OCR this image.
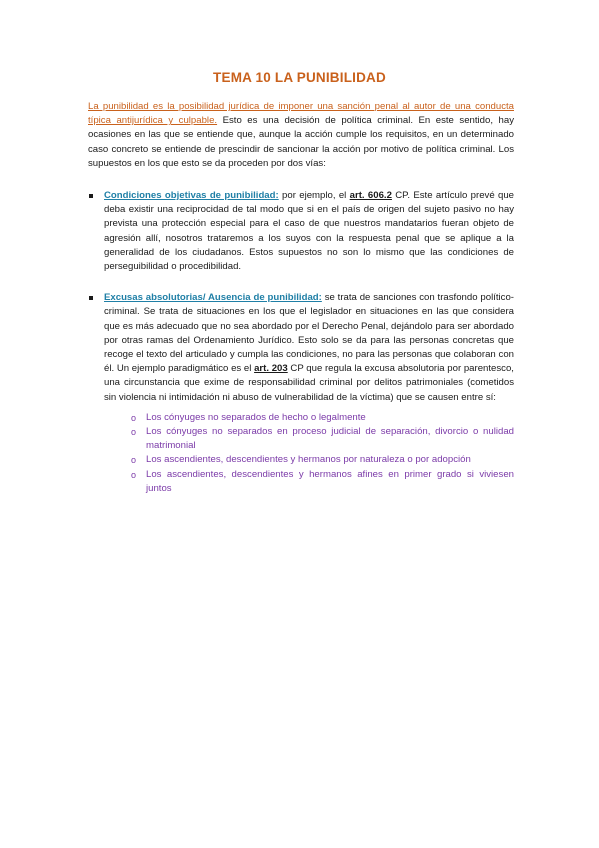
TEMA 10 LA PUNIBILIDAD

La punibilidad es la posibilidad jurídica de imponer una sanción penal al autor de una conducta típica antijurídica y culpable. Esto es una decisión de política criminal. En este sentido, hay ocasiones en las que se entiende que, aunque la acción cumple los requisitos, en un determinado caso concreto se entiende de prescindir de sancionar la acción por motivo de política criminal. Los supuestos en los que esto se da proceden por dos vías:

Condiciones objetivas de punibilidad: por ejemplo, el art. 606.2 CP. Este artículo prevé que deba existir una reciprocidad de tal modo que si en el país de origen del sujeto pasivo no hay prevista una protección especial para el caso de que nuestros mandatarios fueran objeto de agresión allí, nosotros trataremos a los suyos con la respuesta penal que se aplique a la generalidad de los ciudadanos. Estos supuestos no son lo mismo que las condiciones de perseguibilidad o procedibilidad.
Excusas absolutorias/ Ausencia de punibilidad: se trata de sanciones con trasfondo político-criminal. Se trata de situaciones en los que el legislador en situaciones en las que considera que es más adecuado que no sea abordado por el Derecho Penal, dejándolo para ser abordado por otras ramas del Ordenamiento Jurídico. Esto solo se da para las personas concretas que recoge el texto del articulado y cumpla las condiciones, no para las personas que colaboran con él. Un ejemplo paradigmático es el art. 203 CP que regula la excusa absolutoria por parentesco, una circunstancia que exime de responsabilidad criminal por delitos patrimoniales (cometidos sin violencia ni intimidación ni abuso de vulnerabilidad de la víctima) que se causen entre sí:
o Los cónyuges no separados de hecho o legalmente
o Los cónyuges no separados en proceso judicial de separación, divorcio o nulidad matrimonial
o Los ascendientes, descendientes y hermanos por naturaleza o por adopción
o Los ascendientes, descendientes y hermanos afines en primer grado si viviesen juntos
